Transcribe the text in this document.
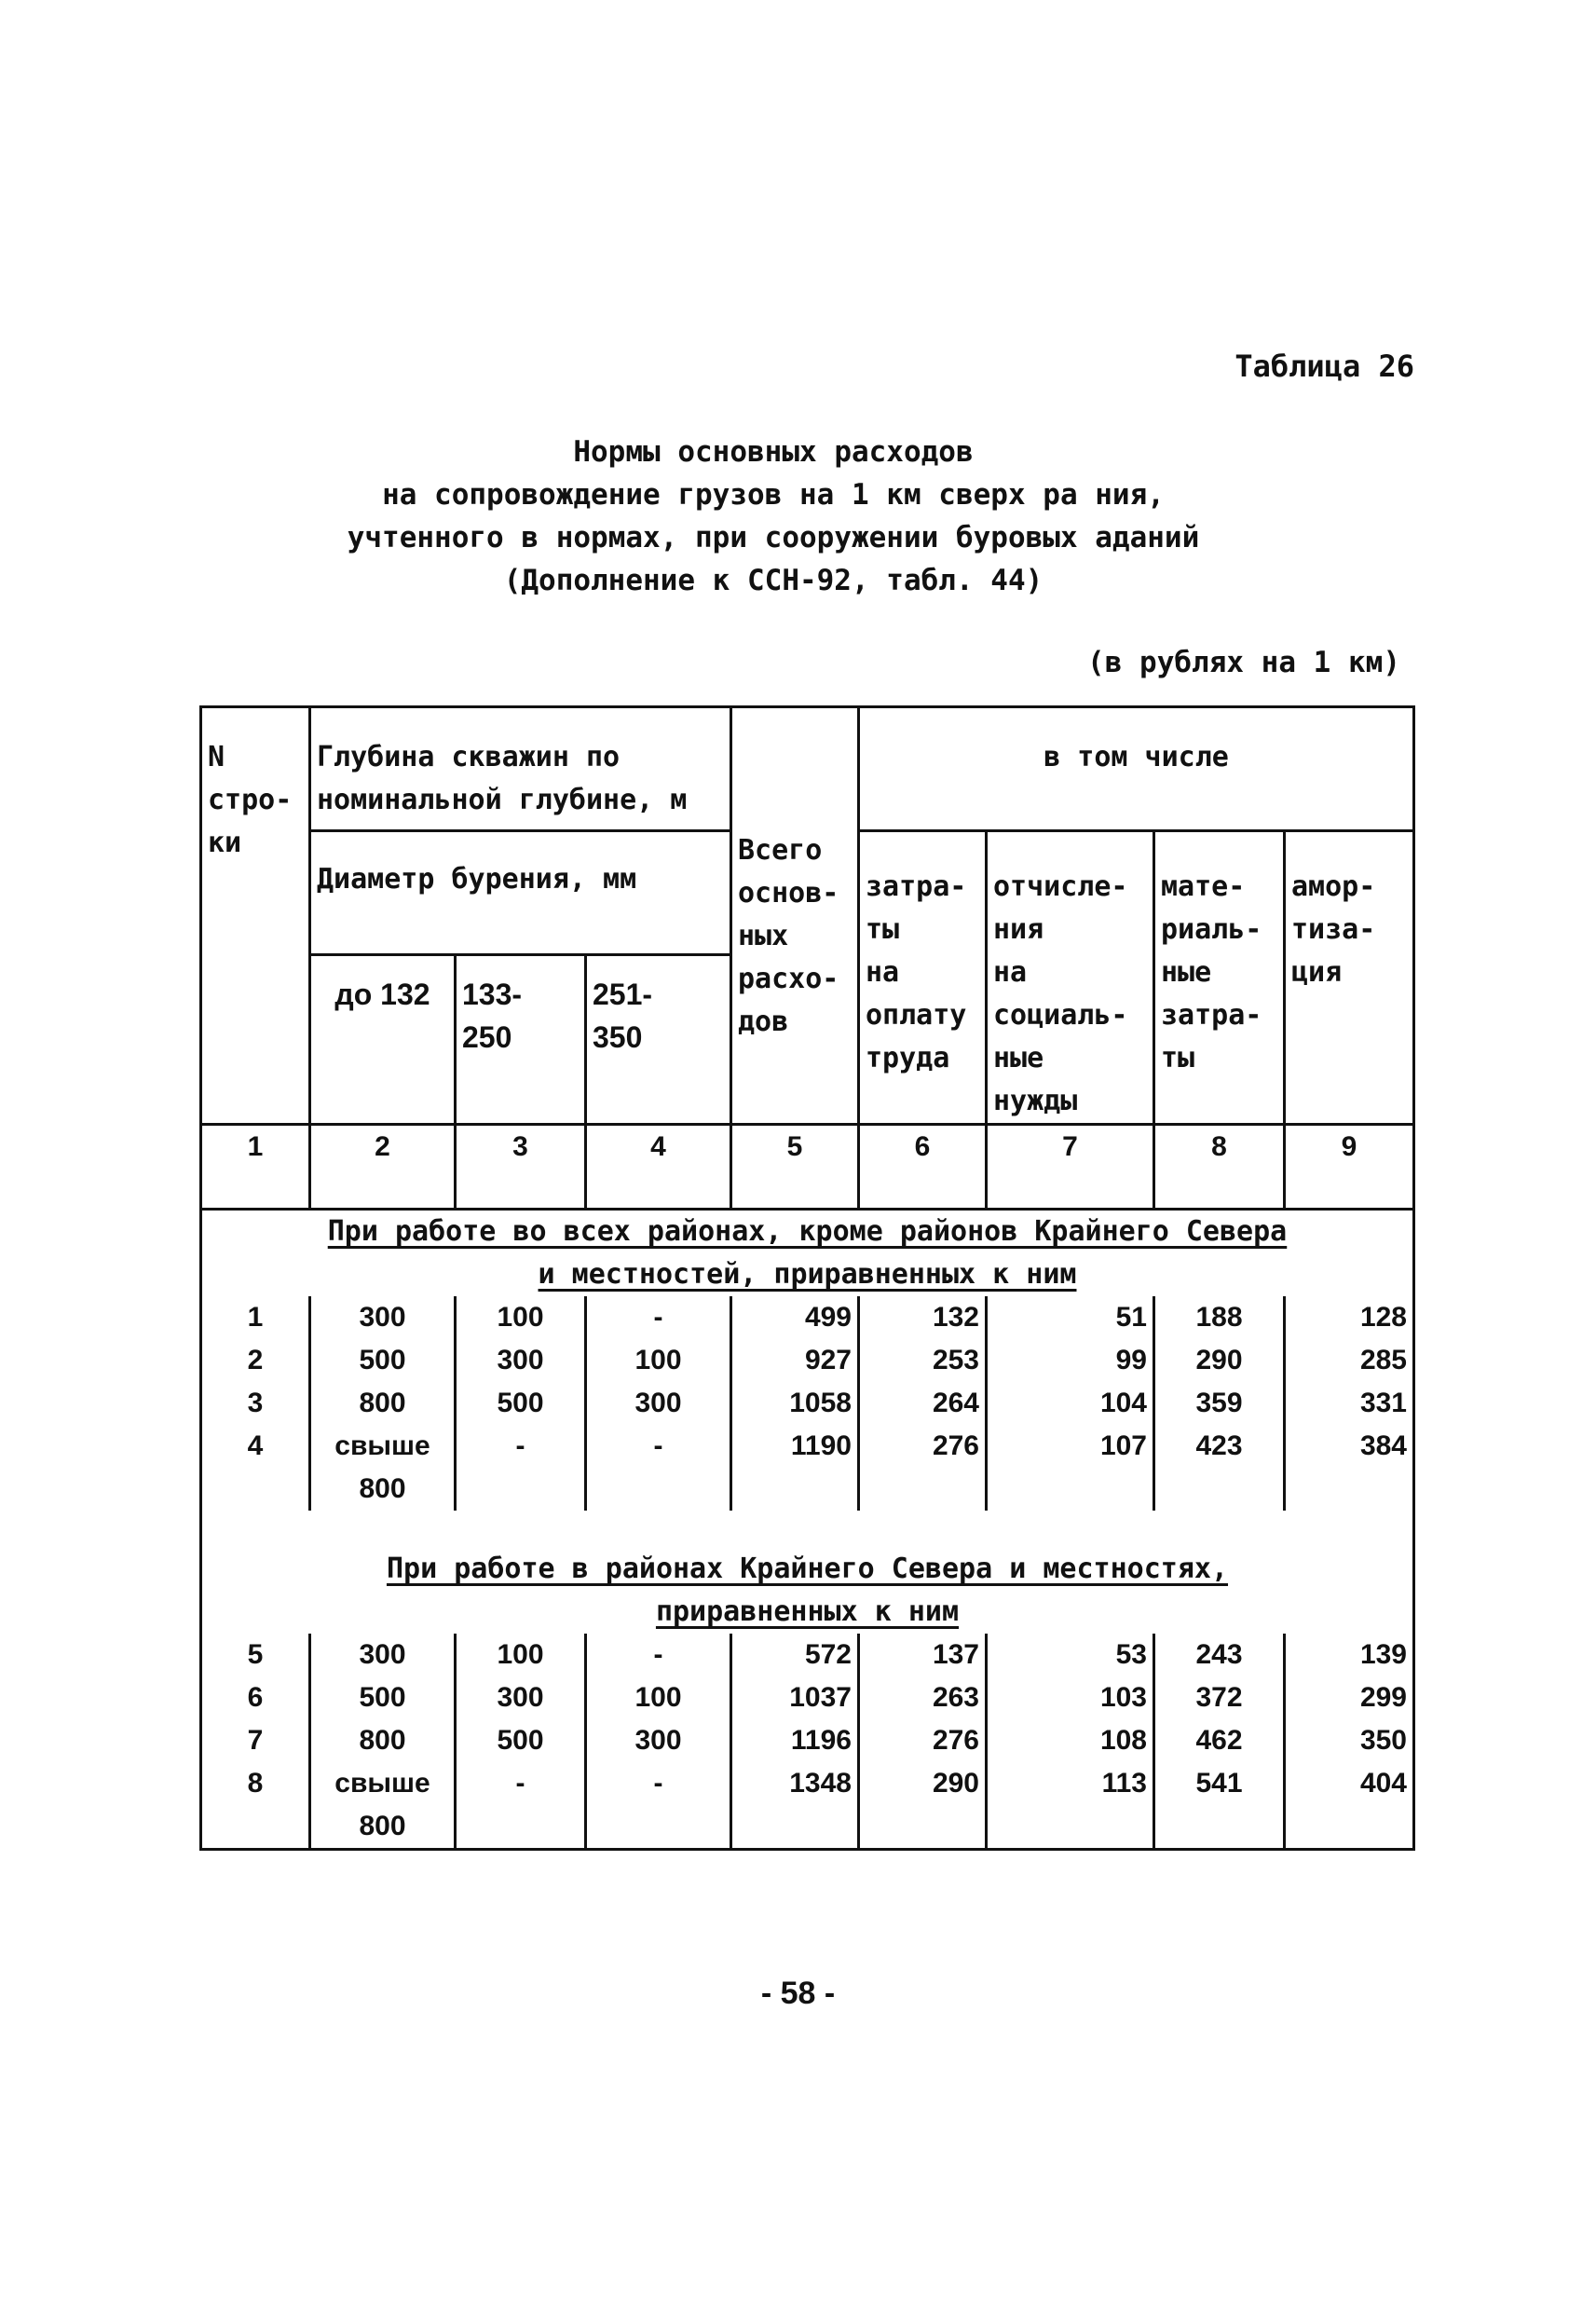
Таблица 26
Нормы основных расходов
на сопровождение грузов на 1 км сверх ра ния,
учтенного в нормах, при сооружении буровых аданий
(Дополнение к ССН-92, табл. 44)
(в рублях на 1 км)
N стро- ки	Глубина скважин по номинальной глубине, м			Всего основ- ных расхо- дов	в том числе			
	Диаметр бурения, мм				затра- ты на оплату труда	отчисле- ния на социаль- ные нужды	мате- риаль- ные затра- ты	амор- тиза- ция

	до 132	133- 250	251- 350					
1	2	3	4	5	6	7	8	9
При работе во всех районах, кроме районов Крайнего Севера
и местностей, приравненных к ним								
1	300	100	-	499	132	51	188	128
2	500	300	100	927	253	99	290	285
3	800	500	300	1058	264	104	359	331
4	свыше 800	-	-	1190	276	107	423	384
При работе в районах Крайнего Севера и местностях,
приравненных к ним								
5	300	100	-	572	137	53	243	139
6	500	300	100	1037	263	103	372	299
7	800	500	300	1196	276	108	462	350
8	свыше 800	-	-	1348	290	113	541	404
- 58 -
